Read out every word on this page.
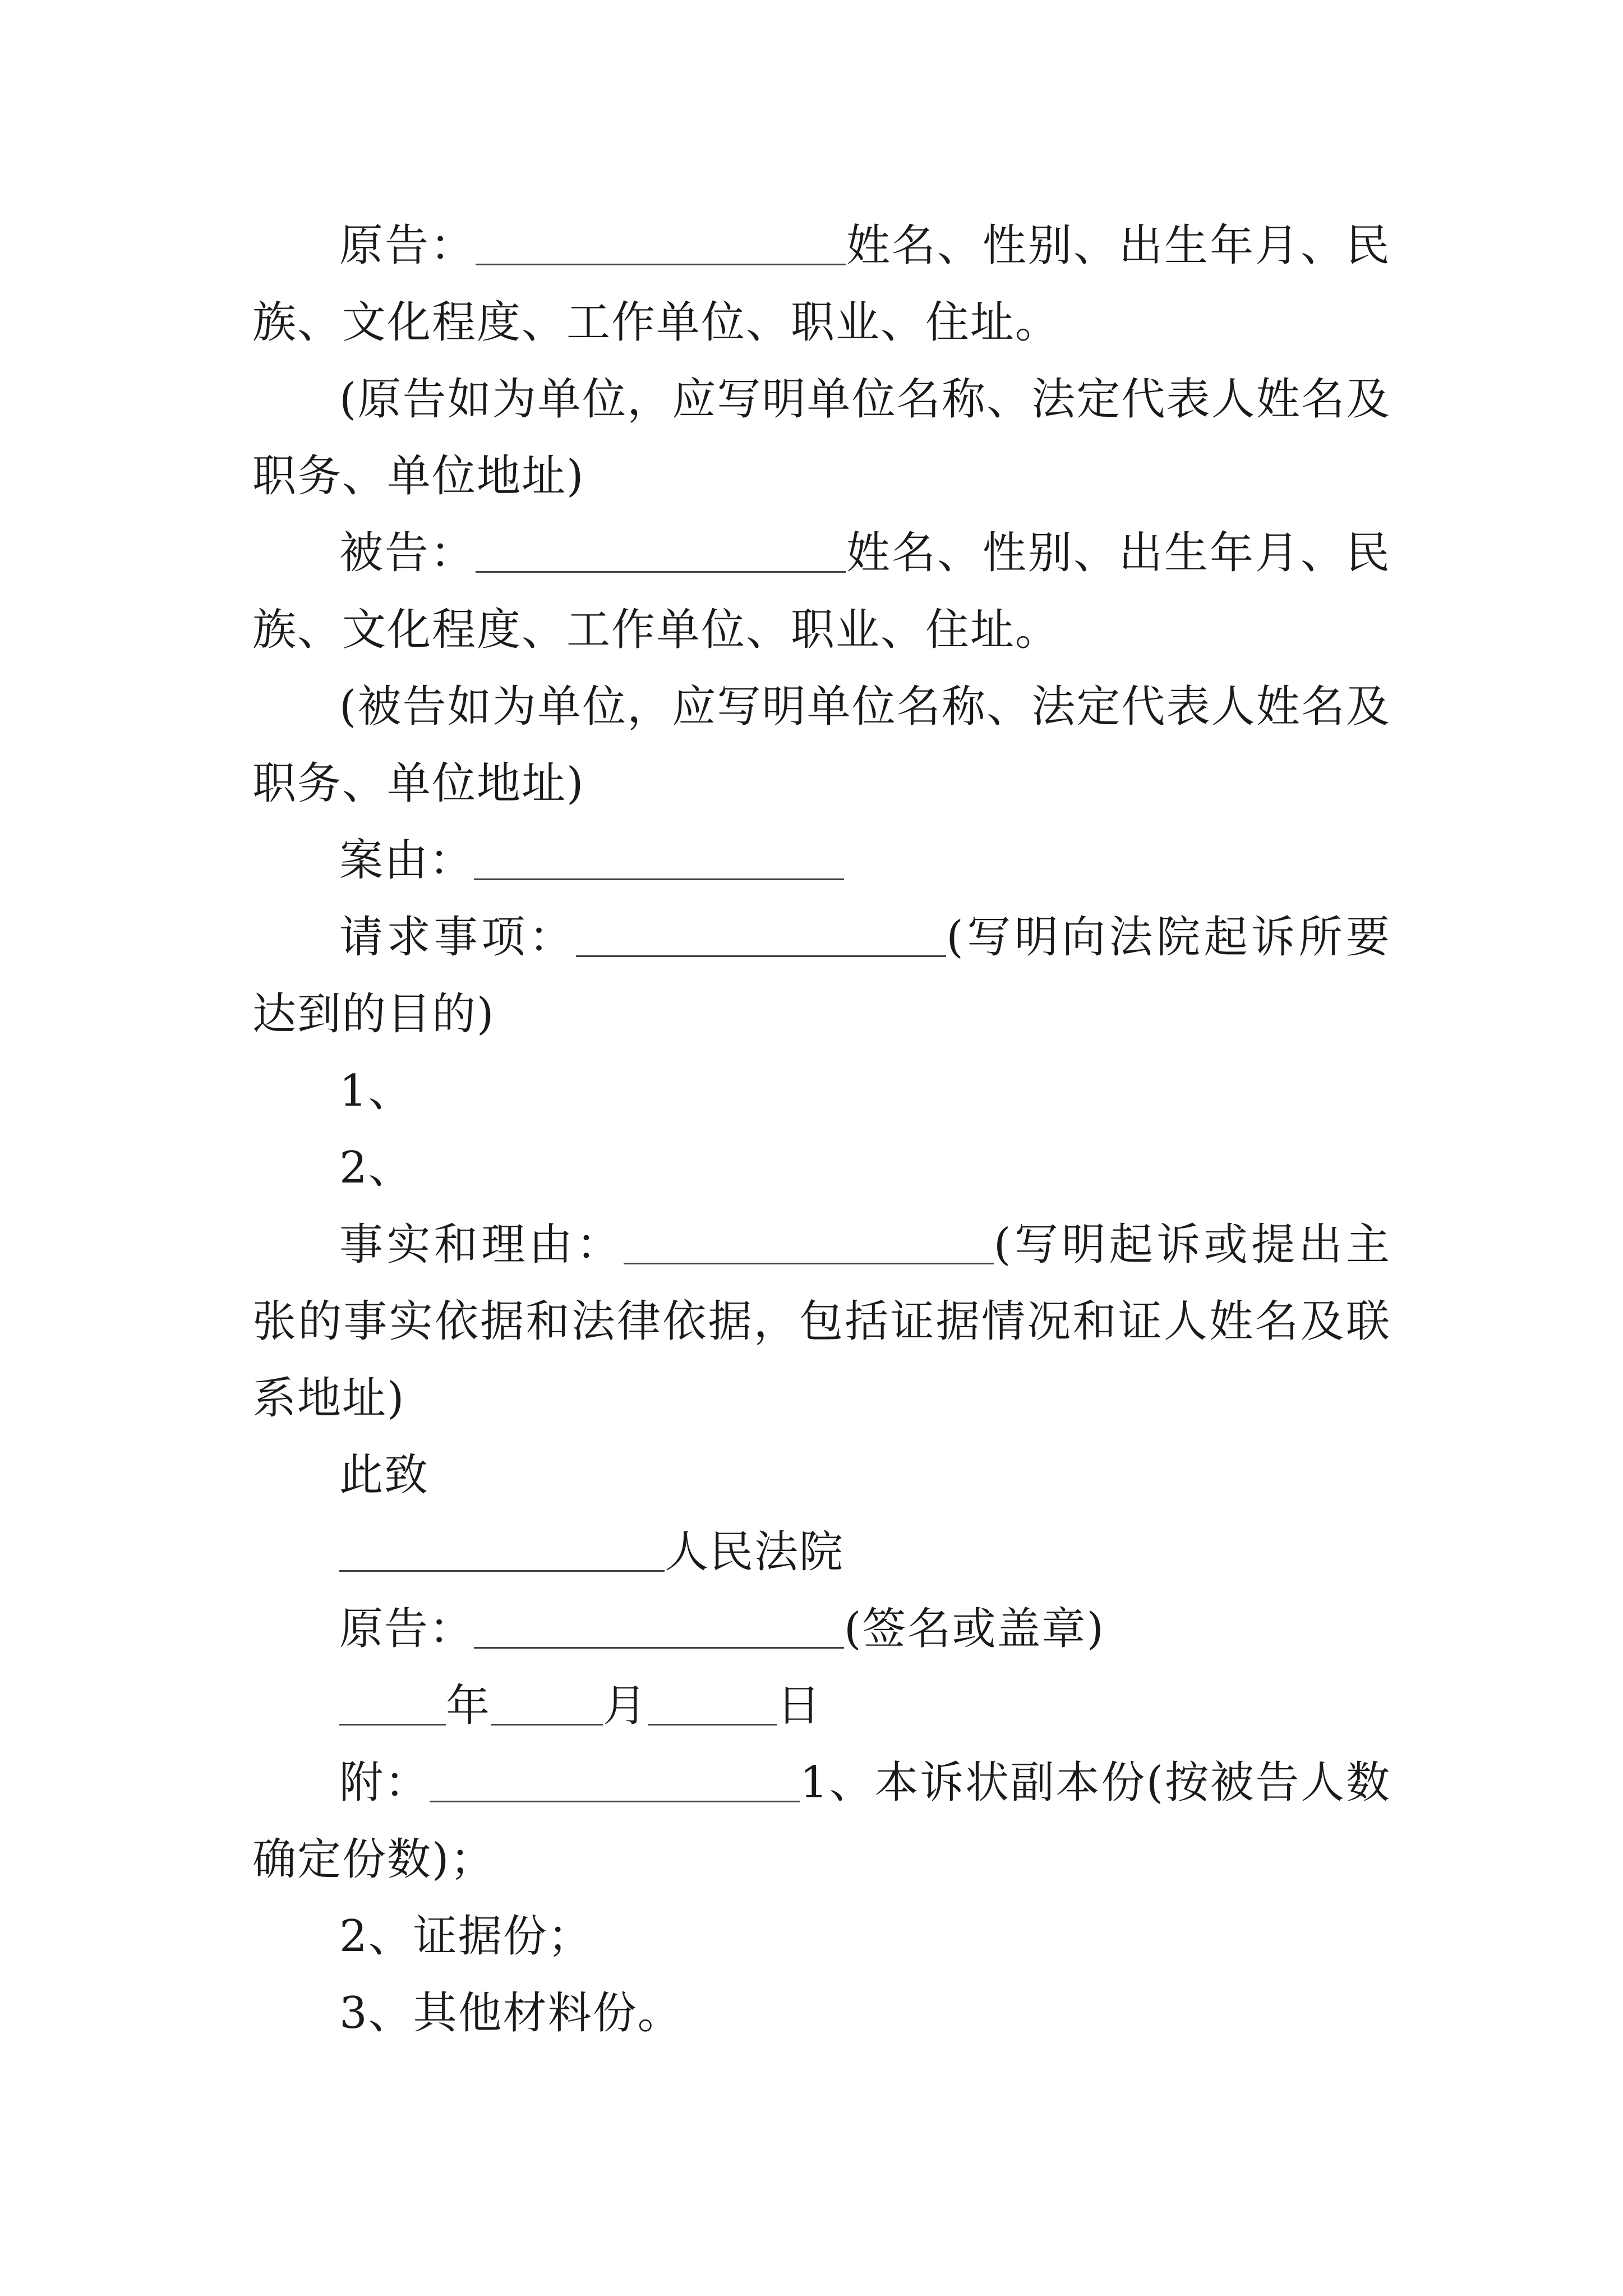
原告：	姓名、性别、出生年月、民族、文化程度、工作单位、职业、住址。

(原告如为单位，应写明单位名称、法定代表人姓名及职务、单位地址)

被告：	姓名、性别、出生年月、民族、文化程度、工作单位、职业、住址。

(被告如为单位，应写明单位名称、法定代表人姓名及职务、单位地址)

案由：

请求事项：	(写明向法院起诉所要达到的目的)

1、

2、

事实和理由：	(写明起诉或提出主张的事实依据和法律依据，包括证据情况和证人姓名及联系地址)

此致

人民法院

原告：	(签名或盖章)

年	月	日

附：	1、本诉状副本份(按被告人数确定份数)；

2、证据份；

3、其他材料份。
